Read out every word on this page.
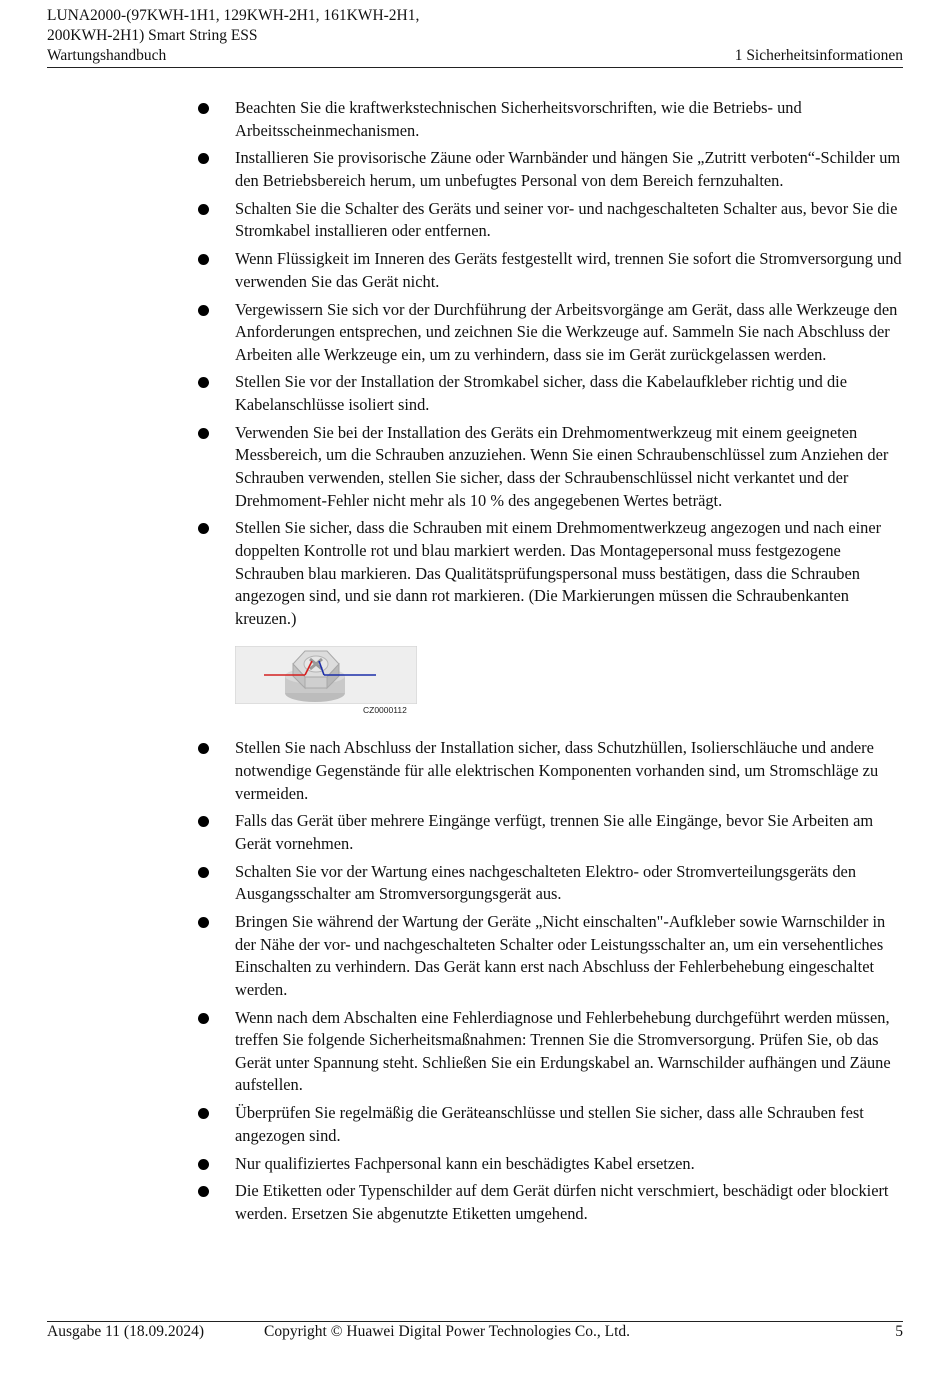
LUNA2000-(97KWH-1H1, 129KWH-2H1, 161KWH-2H1,
200KWH-2H1) Smart String ESS
Wartungshandbuch	1 Sicherheitsinformationen
Beachten Sie die kraftwerkstechnischen Sicherheitsvorschriften, wie die Betriebs- und Arbeitsscheinmechanismen.
Installieren Sie provisorische Zäune oder Warnbänder und hängen Sie „Zutritt verboten“-Schilder um den Betriebsbereich herum, um unbefugtes Personal von dem Bereich fernzuhalten.
Schalten Sie die Schalter des Geräts und seiner vor- und nachgeschalteten Schalter aus, bevor Sie die Stromkabel installieren oder entfernen.
Wenn Flüssigkeit im Inneren des Geräts festgestellt wird, trennen Sie sofort die Stromversorgung und verwenden Sie das Gerät nicht.
Vergewissern Sie sich vor der Durchführung der Arbeitsvorgänge am Gerät, dass alle Werkzeuge den Anforderungen entsprechen, und zeichnen Sie die Werkzeuge auf. Sammeln Sie nach Abschluss der Arbeiten alle Werkzeuge ein, um zu verhindern, dass sie im Gerät zurückgelassen werden.
Stellen Sie vor der Installation der Stromkabel sicher, dass die Kabelaufkleber richtig und die Kabelanschlüsse isoliert sind.
Verwenden Sie bei der Installation des Geräts ein Drehmomentwerkzeug mit einem geeigneten Messbereich, um die Schrauben anzuziehen. Wenn Sie einen Schraubenschlüssel zum Anziehen der Schrauben verwenden, stellen Sie sicher, dass der Schraubenschlüssel nicht verkantet und der Drehmoment-Fehler nicht mehr als 10 % des angegebenen Wertes beträgt.
Stellen Sie sicher, dass die Schrauben mit einem Drehmomentwerkzeug angezogen und nach einer doppelten Kontrolle rot und blau markiert werden. Das Montagepersonal muss festgezogene Schrauben blau markieren. Das Qualitätsprüfungspersonal muss bestätigen, dass die Schrauben angezogen sind, und sie dann rot markieren. (Die Markierungen müssen die Schraubenkanten kreuzen.)
CZ0000112
Stellen Sie nach Abschluss der Installation sicher, dass Schutzhüllen, Isolierschläuche und andere notwendige Gegenstände für alle elektrischen Komponenten vorhanden sind, um Stromschläge zu vermeiden.
Falls das Gerät über mehrere Eingänge verfügt, trennen Sie alle Eingänge, bevor Sie Arbeiten am Gerät vornehmen.
Schalten Sie vor der Wartung eines nachgeschalteten Elektro- oder Stromverteilungsgeräts den Ausgangsschalter am Stromversorgungsgerät aus.
Bringen Sie während der Wartung der Geräte „Nicht einschalten"-Aufkleber sowie Warnschilder in der Nähe der vor- und nachgeschalteten Schalter oder Leistungsschalter an, um ein versehentliches Einschalten zu verhindern. Das Gerät kann erst nach Abschluss der Fehlerbehebung eingeschaltet werden.
Wenn nach dem Abschalten eine Fehlerdiagnose und Fehlerbehebung durchgeführt werden müssen, treffen Sie folgende Sicherheitsmaßnahmen: Trennen Sie die Stromversorgung. Prüfen Sie, ob das Gerät unter Spannung steht. Schließen Sie ein Erdungskabel an. Warnschilder aufhängen und Zäune aufstellen.
Überprüfen Sie regelmäßig die Geräteanschlüsse und stellen Sie sicher, dass alle Schrauben fest angezogen sind.
Nur qualifiziertes Fachpersonal kann ein beschädigtes Kabel ersetzen.
Die Etiketten oder Typenschilder auf dem Gerät dürfen nicht verschmiert, beschädigt oder blockiert werden. Ersetzen Sie abgenutzte Etiketten umgehend.
Ausgabe 11 (18.09.2024)	Copyright © Huawei Digital Power Technologies Co., Ltd.	5
